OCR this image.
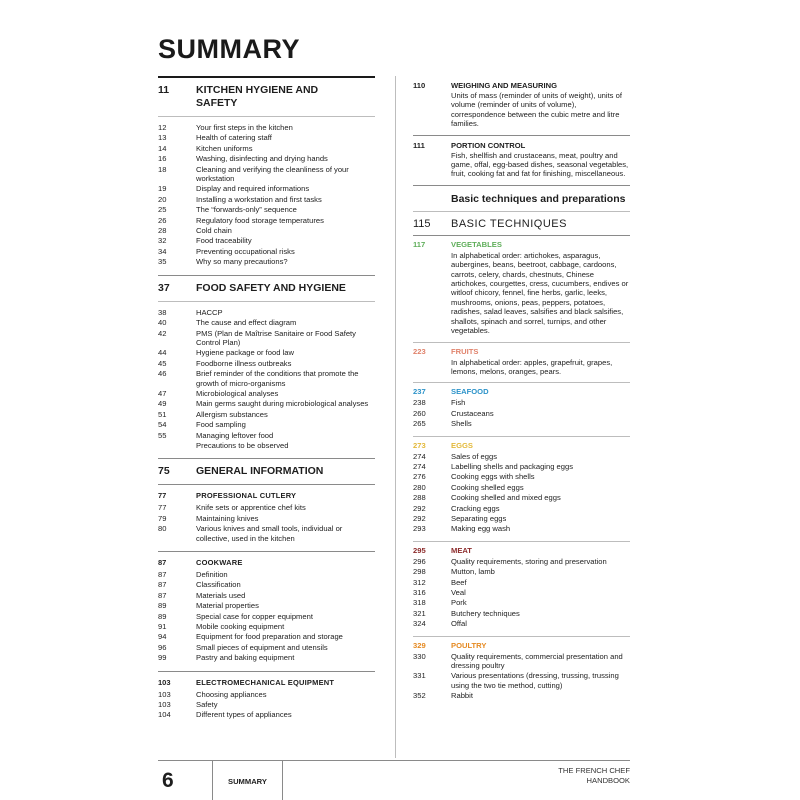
SUMMARY
11	KITCHEN HYGIENE AND SAFETY
12	Your first steps in the kitchen
13	Health of catering staff
14	Kitchen uniforms
16	Washing, disinfecting and drying hands
18	Cleaning and verifying the cleanliness of your workstation
19	Display and required informations
20	Installing a workstation and first tasks
25	The “forwards-only” sequence
26	Regulatory food storage temperatures
28	Cold chain
32	Food traceability
34	Preventing occupational risks
35	Why so many precautions?
37	FOOD SAFETY AND HYGIENE
38	HACCP
40	The cause and effect diagram
42	PMS (Plan de Maîtrise Sanitaire or Food Safety Control Plan)
44	Hygiene package or food law
45	Foodborne illness outbreaks
46	Brief reminder of the conditions that promote the growth of micro-organisms
47	Microbiological analyses
49	Main germs saught during microbiological analyses
51	Allergism substances
54	Food sampling
55	Managing leftover food
Precautions to be observed
75	GENERAL INFORMATION
77	PROFESSIONAL CUTLERY
77	Knife sets or apprentice chef kits
79	Maintaining knives
80	Various knives and small tools, individual or collective, used in the kitchen
87	COOKWARE
87	Definition
87	Classification
87	Materials used
89	Material properties
89	Special case for copper equipment
91	Mobile cooking equipment
94	Equipment for food preparation and storage
96	Small pieces of equipment and utensils
99	Pastry and baking equipment
103	ELECTROMECHANICAL EQUIPMENT
103	Choosing appliances
103	Safety
104	Different types of appliances
110	WEIGHING AND MEASURING
Units of mass (reminder of units of weight), units of volume (reminder of units of volume), correspondence between the cubic metre and litre families.
111	PORTION CONTROL
Fish, shellfish and crustaceans, meat, poultry and game, offal, egg-based dishes, seasonal vegetables, fruit, cooking fat and fat for finishing, miscellaneous.
Basic techniques and preparations
115	BASIC TECHNIQUES
117	VEGETABLES
In alphabetical order: artichokes, asparagus, aubergines, beans, beetroot, cabbage, cardoons, carrots, celery, chards, chestnuts, Chinese artichokes, courgettes, cress, cucumbers, endives or witloof chicory, fennel, fine herbs, garlic, leeks, mushrooms, onions, peas, peppers, potatoes, radishes, salad leaves, salsifies and black salsifies, shallots, spinach and sorrel, turnips, and other vegetables.
223	FRUITS
In alphabetical order: apples, grapefruit, grapes, lemons, melons, oranges, pears.
237	SEAFOOD
238	Fish
260	Crustaceans
265	Shells
273	EGGS
274	Sales of eggs
274	Labelling shells and packaging eggs
276	Cooking eggs with shells
280	Cooking shelled eggs
288	Cooking shelled and mixed eggs
292	Cracking eggs
292	Separating eggs
293	Making egg wash
295	MEAT
296	Quality requirements, storing and preservation
298	Mutton, lamb
312	Beef
316	Veal
318	Pork
321	Butchery techniques
324	Offal
329	POULTRY
330	Quality requirements, commercial presentation and dressing poultry
331	Various presentations (dressing, trussing, trussing using the two tie method, cutting)
352	Rabbit
6	SUMMARY
THE FRENCH CHEF
HANDBOOK
